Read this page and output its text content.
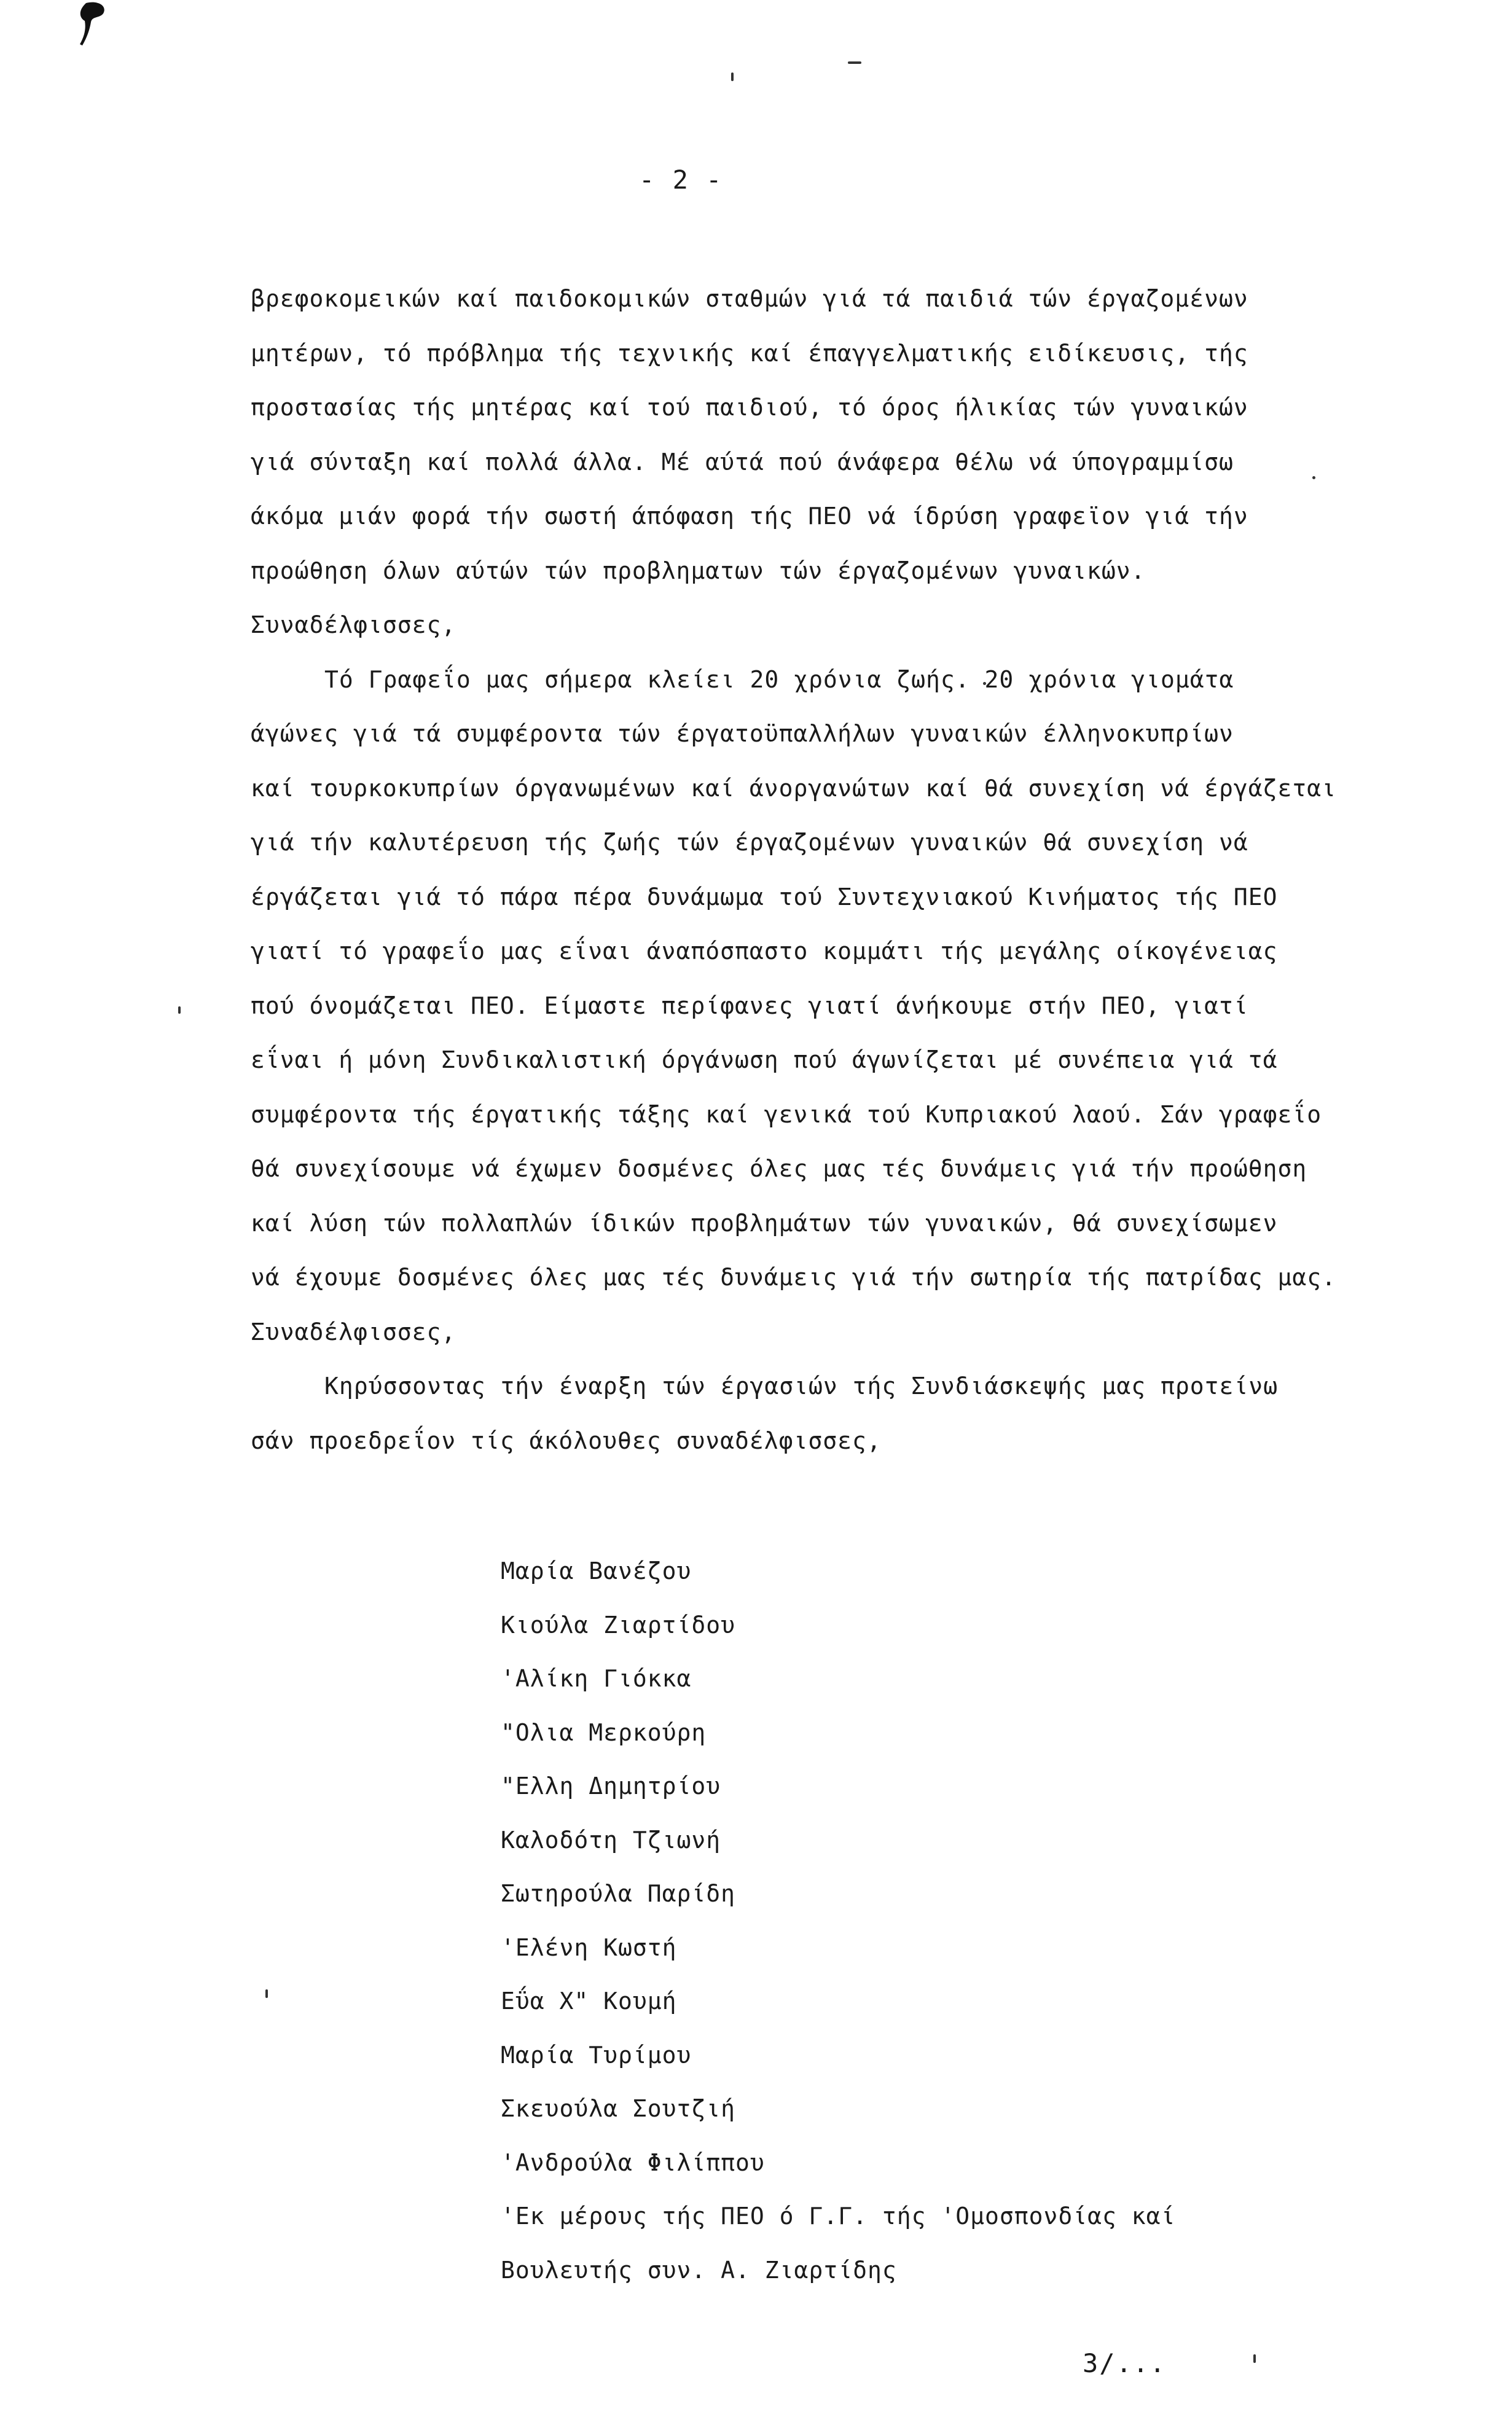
- 2 -
βρεφοκομεικών καί παιδοκομικών σταθμών γιά τά παιδιά τών έργαζομένων
μητέρων, τό πρόβλημα τής τεχνικής καί έπαγγελματικής ειδίκευσις, τής
προστασίας τής μητέρας καί τού παιδιού, τό όρος ήλικίας τών γυναικών
γιά σύνταξη καί πολλά άλλα. Μέ αύτά πού άνάφερα θέλω νά ύπογραμμίσω
άκόμα μιάν φορά τήν σωστή άπόφαση τής ΠΕΟ νά ίδρύση γραφεϊον γιά τήν
προώθηση όλων αύτών τών προβληματων τών έργαζομένων γυναικών.
Συναδέλφισσες,
Τό Γραφεΐο μας σήμερα κλείει 20 χρόνια ζωής. 20 χρόνια γιομάτα
άγώνες γιά τά συμφέροντα τών έργατοϋπαλλήλων γυναικών έλληνοκυπρίων
καί τουρκοκυπρίων όργανωμένων καί άνοργανώτων καί θά συνεχίση νά έργάζεται
γιά τήν καλυτέρευση τής ζωής τών έργαζομένων γυναικών θά συνεχίση νά
έργάζεται γιά τό πάρα πέρα δυνάμωμα τού Συντεχνιακού Κινήματος τής ΠΕΟ
γιατί τό γραφεΐο μας εΐναι άναπόσπαστο κομμάτι τής μεγάλης οίκογένειας
πού όνομάζεται ΠΕΟ. Είμαστε περίφανες γιατί άνήκουμε στήν ΠΕΟ, γιατί
εΐναι ή μόνη Συνδικαλιστική όργάνωση πού άγωνίζεται μέ συνέπεια γιά τά
συμφέροντα τής έργατικής τάξης καί γενικά τού Κυπριακού λαού. Σάν γραφεΐο
θά συνεχίσουμε νά έχωμεν δοσμένες όλες μας τές δυνάμεις γιά τήν προώθηση
καί λύση τών πολλαπλών ίδικών προβλημάτων τών γυναικών, θά συνεχίσωμεν
νά έχουμε δοσμένες όλες μας τές δυνάμεις γιά τήν σωτηρία τής πατρίδας μας.
Συναδέλφισσες,
Κηρύσσοντας τήν έναρξη τών έργασιών τής Συνδιάσκεψής μας προτείνω
σάν προεδρεΐον τίς άκόλουθες συναδέλφισσες,
Μαρία Βανέζου
Κιούλα Ζιαρτίδου
'Αλίκη Γιόκκα
"Ολια Μερκούρη
"Ελλη Δημητρίου
Καλοδότη Τζιωνή
Σωτηρούλα Παρίδη
'Ελένη Κωστή
Εΰα Χ" Κουμή
Μαρία Τυρίμου
Σκευούλα Σουτζιή
'Ανδρούλα Φιλίππου
'Εκ μέρους τής ΠΕΟ ό Γ.Γ. τής 'Ομοσπονδίας καί
Βουλευτής συν. Α. Ζιαρτίδης
3/...
